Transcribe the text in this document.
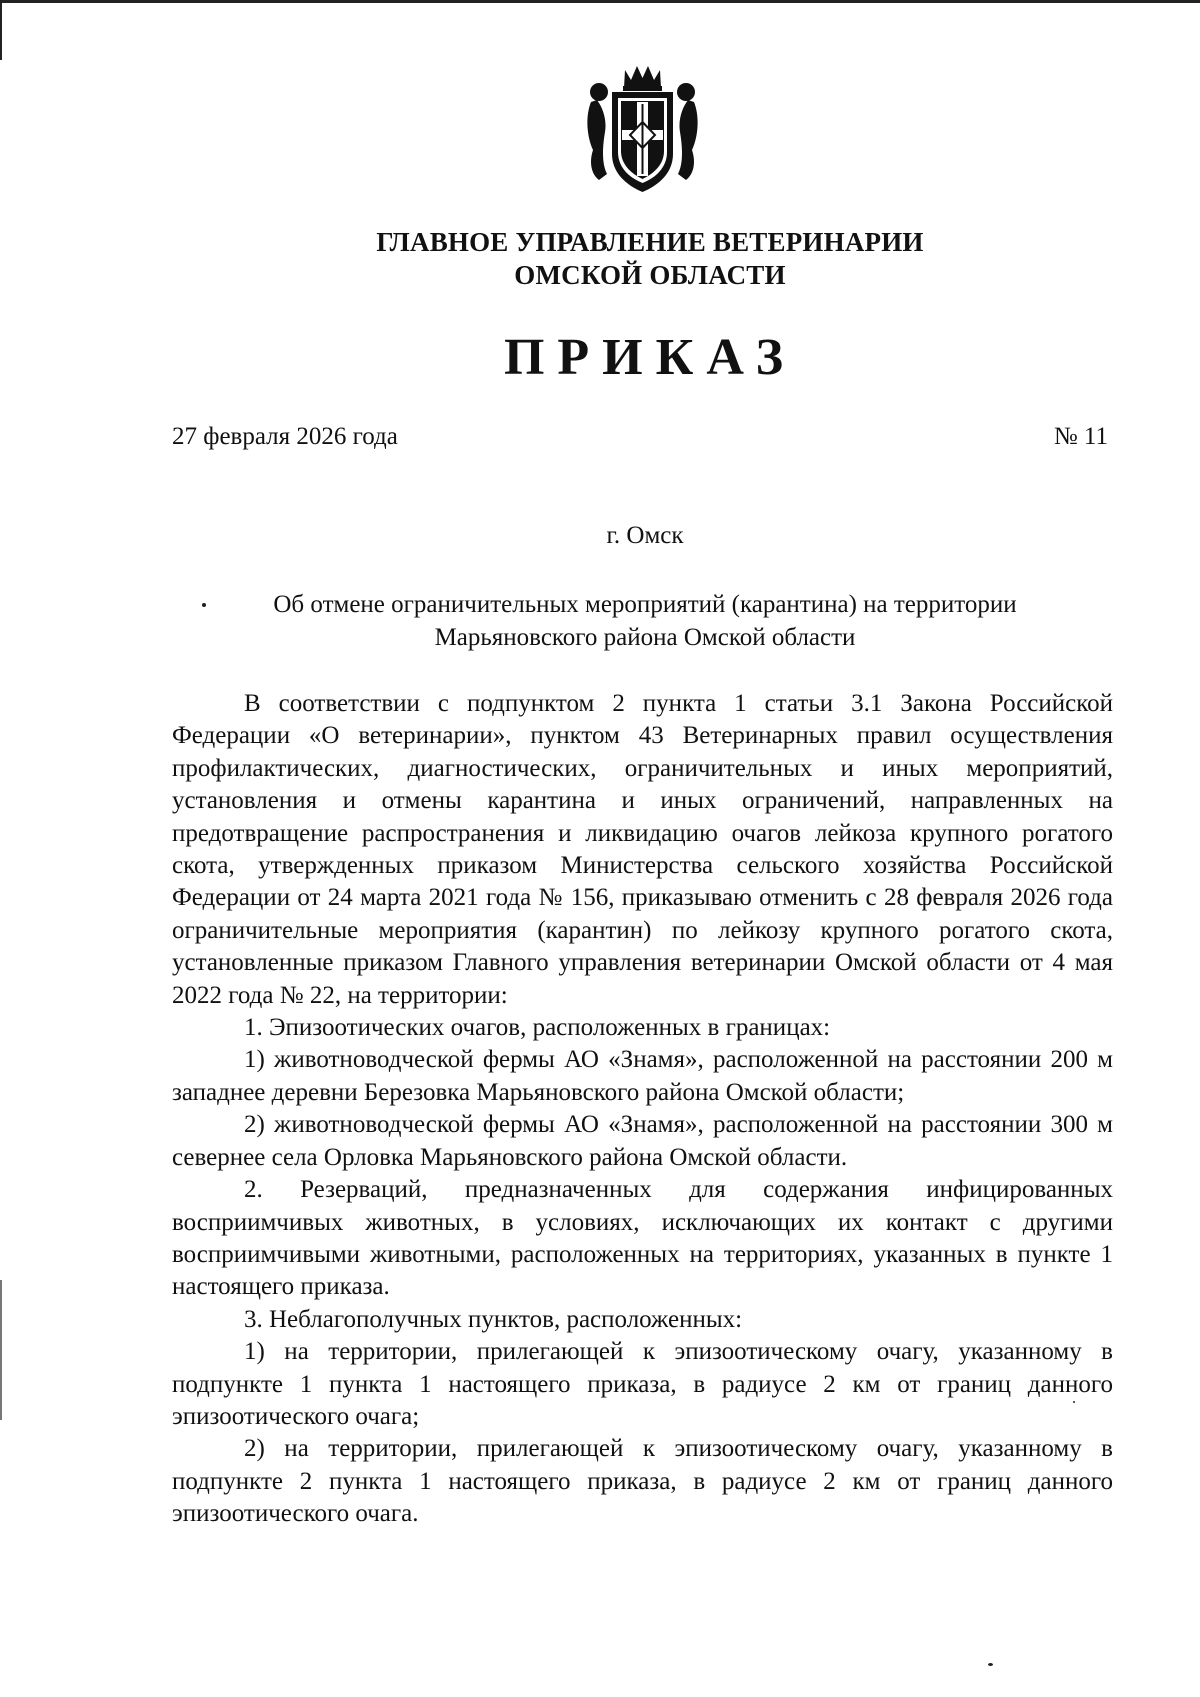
ГЛАВНОЕ УПРАВЛЕНИЕ ВЕТЕРИНАРИИ
ОМСКОЙ ОБЛАСТИ
ПРИКАЗ
27 февраля 2026 года	№ 11
г. Омск
Об отмене ограничительных мероприятий (карантина) на территории
Марьяновского района Омской области

В соответствии с подпунктом 2 пункта 1 статьи 3.1 Закона Российской Федерации «О ветеринарии», пунктом 43 Ветеринарных правил осуществления профилактических, диагностических, ограничительных и иных мероприятий, установления и отмены карантина и иных ограничений, направленных на предотвращение распространения и ликвидацию очагов лейкоза крупного рогатого скота, утвержденных приказом Министерства сельского хозяйства Российской Федерации от 24 марта 2021 года № 156, приказываю отменить с 28 февраля 2026 года ограничительные мероприятия (карантин) по лейкозу крупного рогатого скота, установленные приказом Главного управления ветеринарии Омской области от 4 мая 2022 года № 22, на территории:

1. Эпизоотических очагов, расположенных в границах:

1) животноводческой фермы АО «Знамя», расположенной на расстоянии 200 м западнее деревни Березовка Марьяновского района Омской области;

2) животноводческой фермы АО «Знамя», расположенной на расстоянии 300 м севернее села Орловка Марьяновского района Омской области.

2. Резерваций, предназначенных для содержания инфицированных восприимчивых животных, в условиях, исключающих их контакт с другими восприимчивыми животными, расположенных на территориях, указанных в пункте 1 настоящего приказа.

3. Неблагополучных пунктов, расположенных:

1) на территории, прилегающей к эпизоотическому очагу, указанному в подпункте 1 пункта 1 настоящего приказа, в радиусе 2 км от границ данного эпизоотического очага;

2) на территории, прилегающей к эпизоотическому очагу, указанному в подпункте 2 пункта 1 настоящего приказа, в радиусе 2 км от границ данного эпизоотического очага.
